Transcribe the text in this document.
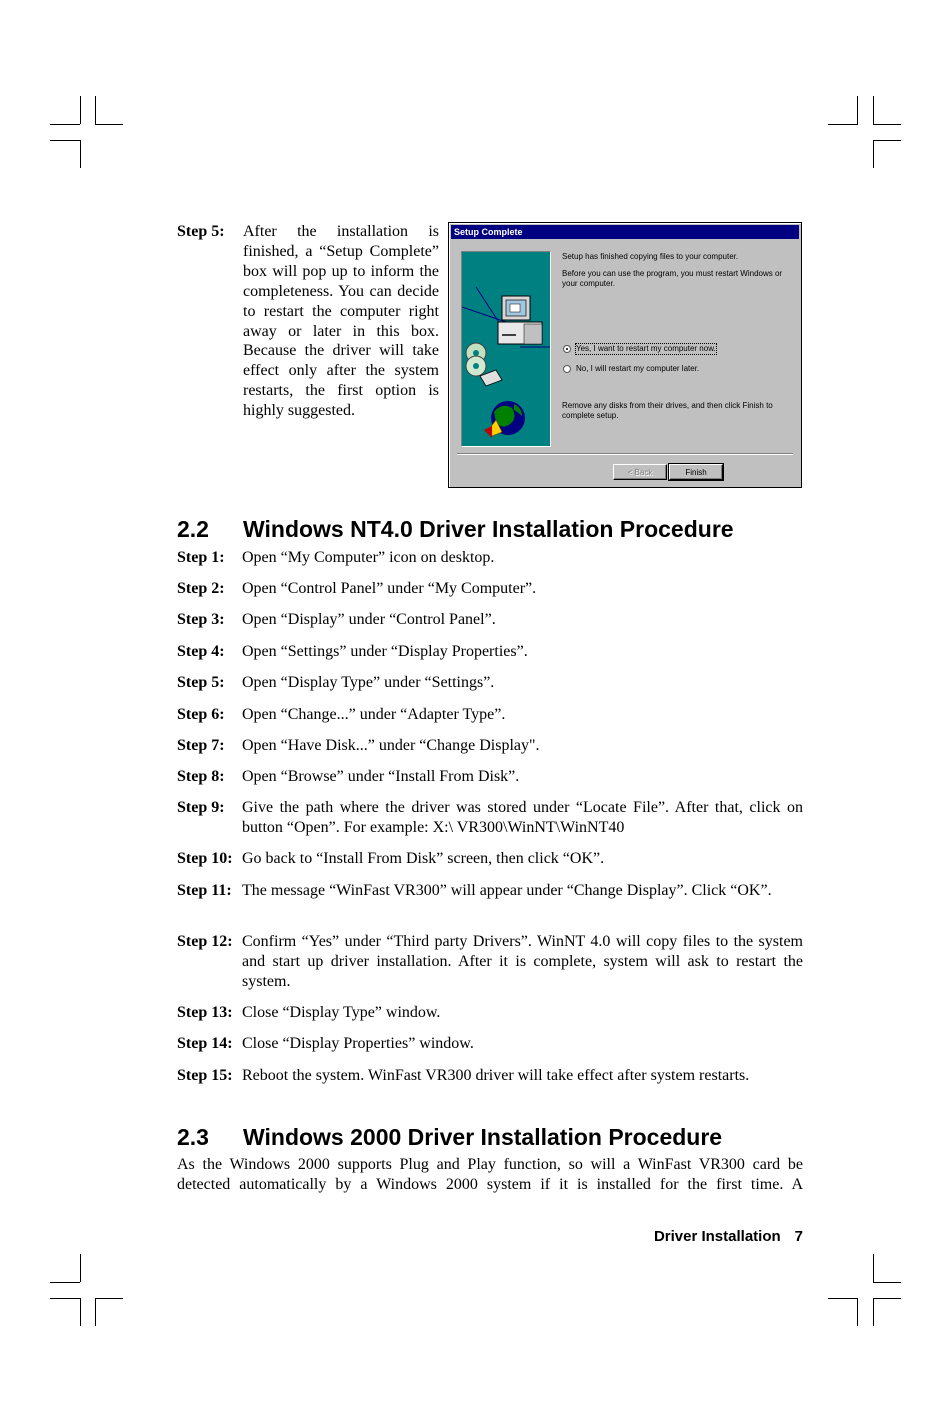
Step 5: After the installation is finished, a “Setup Complete” box will pop up to inform the completeness. You can decide to restart the computer right away or later in this box. Because the driver will take effect only after the system restarts, the first option is highly suggested.
Setup Complete
Setup has finished copying files to your computer.
Before you can use the program, you must restart Windows or your computer.
Yes, I want to restart my computer now.
No, I will restart my computer later.
Remove any disks from their drives, and then click Finish to complete setup.
< Back	Finish
2.2 Windows NT4.0 Driver Installation Procedure
Step 1: Open “My Computer” icon on desktop.
Step 2: Open “Control Panel” under “My Computer”.
Step 3: Open “Display” under “Control Panel”.
Step 4: Open “Settings” under “Display Properties”.
Step 5: Open “Display Type” under “Settings”.
Step 6: Open “Change...” under “Adapter Type”.
Step 7: Open “Have Disk...” under “Change Display".
Step 8: Open “Browse” under “Install From Disk”.
Step 9: Give the path where the driver was stored under “Locate File”. After that, click on button “Open”. For example: X:\ VR300\WinNT\WinNT40
Step 10: Go back to “Install From Disk” screen, then click “OK”.
Step 11: The message “WinFast VR300” will appear under “Change Display”. Click “OK”.
Step 12: Confirm “Yes” under “Third party Drivers”. WinNT 4.0 will copy files to the system and start up driver installation. After it is complete, system will ask to restart the system.
Step 13: Close “Display Type” window.
Step 14: Close “Display Properties” window.
Step 15: Reboot the system. WinFast VR300 driver will take effect after system restarts.
2.3 Windows 2000 Driver Installation Procedure
As the Windows 2000 supports Plug and Play function, so will a WinFast VR300 card be detected automatically by a Windows 2000 system if it is installed for the first time. A
Driver Installation 7
